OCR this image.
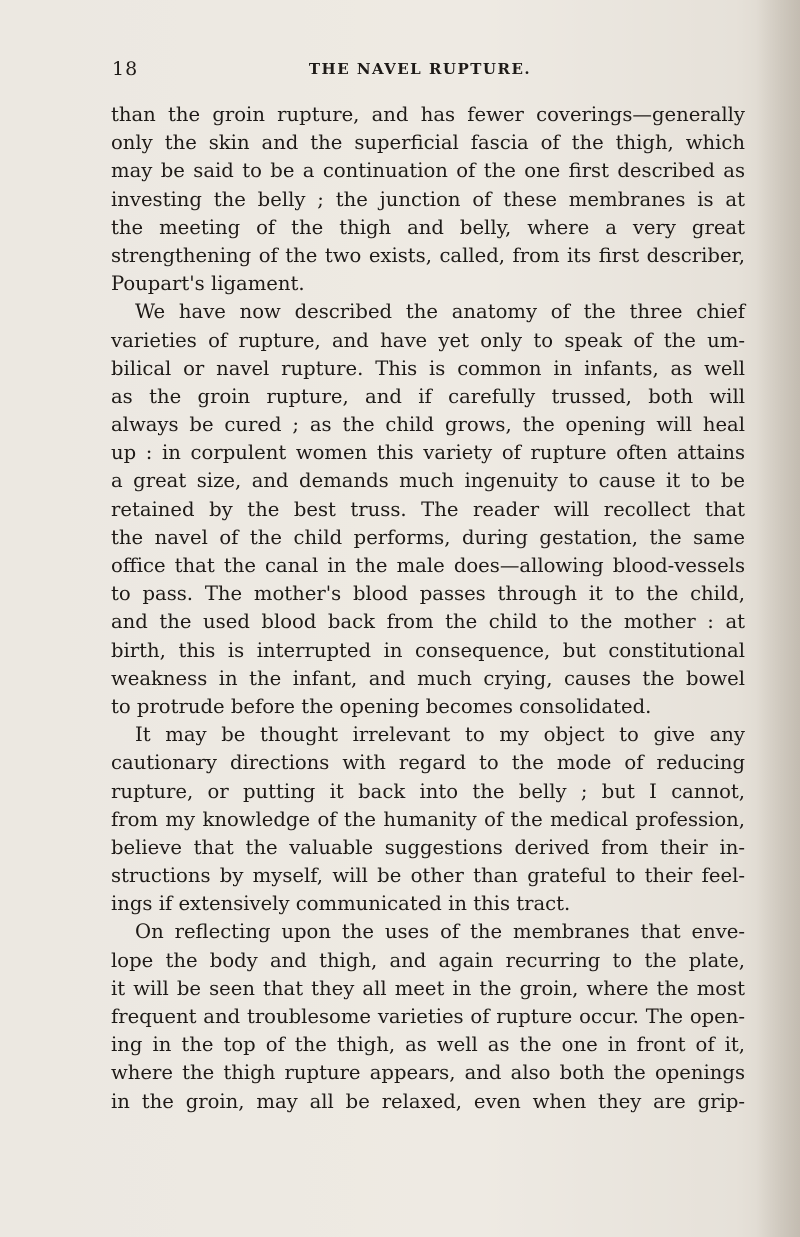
18	THE NAVEL RUPTURE.
than the groin rupture, and has fewer coverings—generally
only the skin and the superficial fascia of the thigh, which
may be said to be a continuation of the one first described as
investing the belly ; the junction of these membranes is at
the meeting of the thigh and belly, where a very great
strengthening of the two exists, called, from its first describer,
Poupart's ligament.
We have now described the anatomy of the three chief
varieties of rupture, and have yet only to speak of the um-
bilical or navel rupture. This is common in infants, as well
as the groin rupture, and if carefully trussed, both will
always be cured ; as the child grows, the opening will heal
up : in corpulent women this variety of rupture often attains
a great size, and demands much ingenuity to cause it to be
retained by the best truss. The reader will recollect that
the navel of the child performs, during gestation, the same
office that the canal in the male does—allowing blood-vessels
to pass. The mother's blood passes through it to the child,
and the used blood back from the child to the mother : at
birth, this is interrupted in consequence, but constitutional
weakness in the infant, and much crying, causes the bowel
to protrude before the opening becomes consolidated.
It may be thought irrelevant to my object to give any
cautionary directions with regard to the mode of reducing
rupture, or putting it back into the belly ; but I cannot,
from my knowledge of the humanity of the medical profession,
believe that the valuable suggestions derived from their in-
structions by myself, will be other than grateful to their feel-
ings if extensively communicated in this tract.
On reflecting upon the uses of the membranes that enve-
lope the body and thigh, and again recurring to the plate,
it will be seen that they all meet in the groin, where the most
frequent and troublesome varieties of rupture occur. The open-
ing in the top of the thigh, as well as the one in front of it,
where the thigh rupture appears, and also both the openings
in the groin, may all be relaxed, even when they are grip-
